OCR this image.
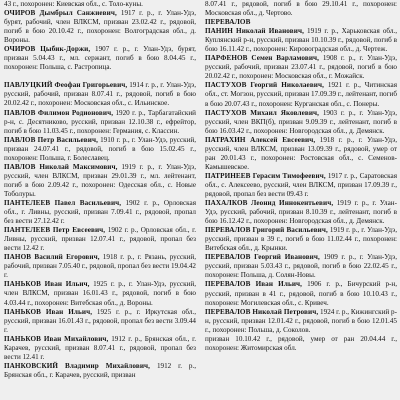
43 г., похоронен: Киевская обл., с. Толо-куны.

ОЧИРОВ Дымбрыл Санжиевич, 1917 г. р., г. Улан-Удэ, бурят, рабочий, член ВЛКСМ, призван 23.02.42 г., рядовой, погиб в бою 20.10.42 г., похоронен: Волгоградская обл., д. Вороны.

ОЧИРОВ Цыбик-Доржи, 1907 г. р., г. Улан-Удэ, бурят, призван 5.04.43 г., мл. сержант, погиб в бою 8.04.45 г., похоронен: Польша, с. Растропица.

ПАВЛУЦКИЙ Феофан Григорьевич, 1914 г. р., г. Улан-Удэ, русский, рабочий, призван 8.07.41 г., рядовой, погиб в бою 20.02.42 г., похоронен: Московская обл., с. Ильинское.

ПАВЛОВ Филимон Родионович, 1920 г. р., Тарбагатайский р-н, с. Десятниково, русский, призван 12.10.38 г., ефрейтор, погиб в бою 11.03.45 г., похоронен: Германия, с. Классин.

ПАВЛОВ Петр Васильевич, 1910 г. р., г. Улан-Удэ, русский, призван 24.07.41 г., рядовой, погиб в бою 15.02.45 г., похоронен: Польша, г. Болеславец.

ПАВЛОВ Николай Максимович, 1919 г. р., г. Улан-Удэ, русский, член ВЛКСМ, призван 29.01.39 г., мл. лейтенант, погиб в бою 2.09.42 г., похоронен: Одесская обл., с. Новые Тоболуры.

ПАНТЕЛЕЕВ Павел Васильевич, 1902 г. р., Орловская обл., г. Ливны, русский, призван 7.09.41 г., рядовой, пропал без вести 27.12.42 г.

ПАНТЕЛЕЕВ Петр Евсеевич, 1902 г. р., Орловская обл., г. Ливны, русский, призван 12.07.41 г., рядовой, пропал без вести 12.42 г.

ПАНОВ Василий Егорович, 1918 г. р., г. Рязань, русский, рабочий, призван 7.05.40 г., рядовой, пропал без вести 19.04.42 г.

ПАНЬКОВ Иван Ильич, 1925 г. р., г. Улан-Удэ, русский, член ВЛКСМ, призван 16.01.43 г., рядовой, погиб в бою 4.03.44 г., похоронен: Витебская обл., д. Вороны.

ПАНЬКОВ Иван Ильич, 1925 г. р., г. Иркутская обл., русский, призван 16.01.43 г., рядовой, пропал без вести 3.09.44 г.

ПАНЬКОВ Иван Михайлович, 1912 г. р., Брянская обл., г. Карачев, русский, призван 8.07.41 г., рядовой, пропал без вести 12.41 г.

ПАНКОВСКИЙ Владимир Михайлович, 1912 г. р., Брянская обл., г. Карачев, русский, призван

8.07.41 г., рядовой, погиб в бою 29.10.41 г., похоронен: Московская обл., д. Чертово.

ПЕРЕВАЛОВ

ПАНИН Николай Иванович, 1919 г. р., Харьковская обл., Куплянский р-н, русский, призван 10.10.39 г., рядовой, погиб в бою 16.11.42 г., похоронен: Кировоградская обл., д. Чертеж.

ПАРФЕНОВ Семен Варламович, 1908 г. р., г. Улан-Удэ, русский, рабочий, призван 23.07.41 г., рядовой, погиб в бою 20.02.42 г., похоронен: Московская обл., г. Можайск.

ПАСТУХОВ Георгий Николаевич, 1921 г. р., Читинская обл., ст. Могзон, русский, призван 17.09.39 г., лейтенант, погиб в бою 20.07.43 г., похоронен: Курганская обл., с. Понеры.

ПАСТУХОВ Михаил Яковлевич, 1903 г. р., г. Улан-Удэ, русский, член ВКП(б), призван 9.09.39 г., лейтенант, погиб в бою 16.03.42 г., похоронен: Новгородская обл., д. Демянск.

ПАТРАХИН Алексей Евсеевич, 1918 г. р., г. Улан-Удэ, русский, член ВЛКСМ, призван 13.09.39 г., рядовой, умер от ран 20.01.43 г., похоронен: Ростовская обл., с. Семенов-Камышевское.

ПАТРИНЕЕВ Герасим Тимофеевич, 1917 г. р., Саратовская обл., с. Алексеево, русский, член ВЛКСМ, призван 17.09.39 г., рядовой, пропал без вести 09.43 г.

ПАХАЛКОВ Леонид Иннокентьевич, 1919 г. р., г. Улан-Удэ, русский, рабочий, призван 8.10.39 г., лейтенант, погиб в бою 16.12.42 г., похоронен: Новгородская обл., д. Демянск.

ПЕРЕВАЛОВ Григорий Васильевич, 1919 г. р., г. Улан-Удэ, русский, призван в 39 г., погиб в бою 11.02.44 г., похоронен: Витебская обл., д. Крынки.

ПЕРЕВАЛОВ Георгий Иванович, 1909 г. р., г. Улан-Удэ, русский, призван 5.03.43 г., рядовой, погиб в бою 22.02.45 г., похоронен: Польша, д. Солян-Новы.

ПЕРЕВАЛОВ Иван Ильич, 1906 г. р., Бичурский р-н, русский, призван в 41 г., рядовой, погиб в бою 10.10.43 г., похоронен: Могилевская обл., с. Кривеч.

ПЕРЕВАЛОВ Николай Петрович, 1924 г. р., Кижингский р-н, русский, призван 12.01.42 г., рядовой, погиб в бою 12.01.45 г., похоронен: Польша, д. Соколов.

призван 10.10.42 г., рядовой, умер от ран 20.04.44 г., похоронен: Житомирская обл.
